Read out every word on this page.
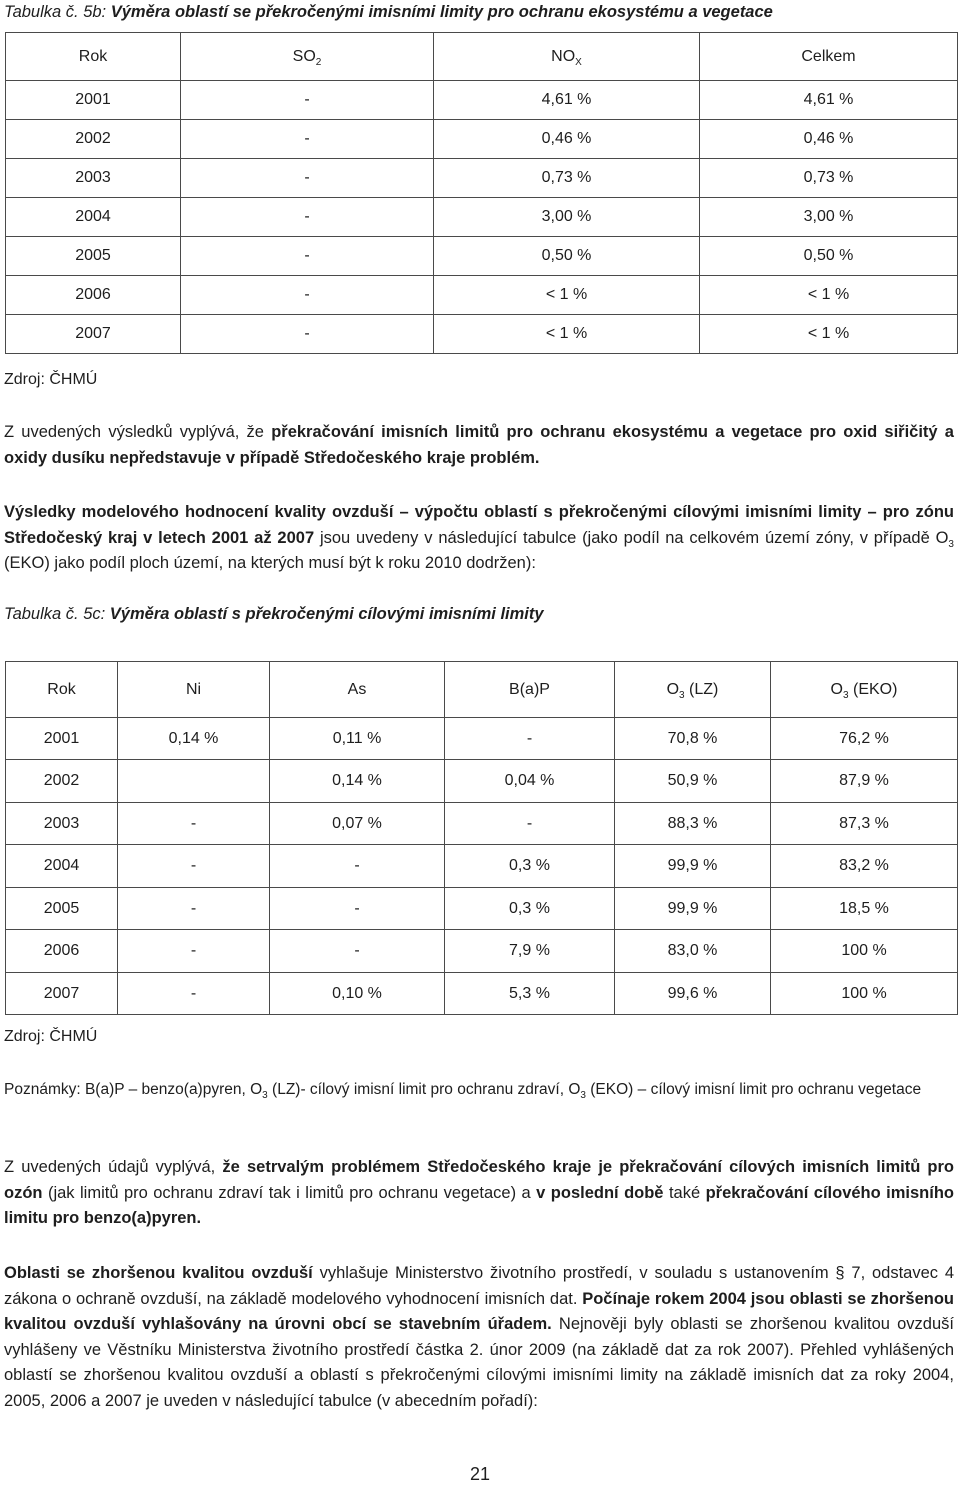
Tabulka č. 5b: Výměra oblastí se překročenými imisními limity pro ochranu ekosystému a vegetace
Rok	$SO_2$	$NO_X$	Celkem
2001	-	4,61 %	4,61 %
2002	-	0,46 %	0,46 %
2003	-	0,73 %	0,73 %
2004	-	3,00 %	3,00 %
2005	-	0,50 %	0,50 %
2006	-	< 1 %	< 1 %
2007	-	< 1 %	< 1 %
Zdroj: ČHMÚ
Z uvedených výsledků vyplývá, že překračování imisních limitů pro ochranu ekosystému a vegetace pro oxid siřičitý a oxidy dusíku nepředstavuje v případě Středočeského kraje problém.
Výsledky modelového hodnocení kvality ovzduší – výpočtu oblastí s překročenými cílovými imisními limity – pro zónu Středočeský kraj v letech 2001 až 2007 jsou uvedeny v následující tabulce (jako podíl na celkovém území zóny, v případě $O_3$ (EKO) jako podíl ploch území, na kterých musí být k roku 2010 dodržen):
Tabulka č. 5c: Výměra oblastí s překročenými cílovými imisními limity
Rok	Ni	As	B(a)P	$O_3$ (LZ)	$O_3$ (EKO)
2001	0,14 %	0,11 %	-	70,8 %	76,2 %
2002		0,14 %	0,04 %	50,9 %	87,9 %
2003	-	0,07 %	-	88,3 %	87,3 %
2004	-	-	0,3 %	99,9 %	83,2 %
2005	-	-	0,3 %	99,9 %	18,5 %
2006	-	-	7,9 %	83,0 %	100 %
2007	-	0,10 %	5,3 %	99,6 %	100 %
Zdroj: ČHMÚ
Poznámky: B(a)P – benzo(a)pyren, $O_3$ (LZ)- cílový imisní limit pro ochranu zdraví, $O_3$ (EKO) – cílový imisní limit pro ochranu vegetace
Z uvedených údajů vyplývá, že setrvalým problémem Středočeského kraje je překračování cílových imisních limitů pro ozón (jak limitů pro ochranu zdraví tak i limitů pro ochranu vegetace) a v poslední době také překračování cílového imisního limitu pro benzo(a)pyren.
Oblasti se zhoršenou kvalitou ovzduší vyhlašuje Ministerstvo životního prostředí, v souladu s ustanovením § 7, odstavec 4 zákona o ochraně ovzduší, na základě modelového vyhodnocení imisních dat. Počínaje rokem 2004 jsou oblasti se zhoršenou kvalitou ovzduší vyhlašovány na úrovni obcí se stavebním úřadem. Nejnověji byly oblasti se zhoršenou kvalitou ovzduší vyhlášeny ve Věstníku Ministerstva životního prostředí částka 2. únor 2009 (na základě dat za rok 2007). Přehled vyhlášených oblastí se zhoršenou kvalitou ovzduší a oblastí s překročenými cílovými imisními limity na základě imisních dat za roky 2004, 2005, 2006 a 2007 je uveden v následující tabulce (v abecedním pořadí):
21
